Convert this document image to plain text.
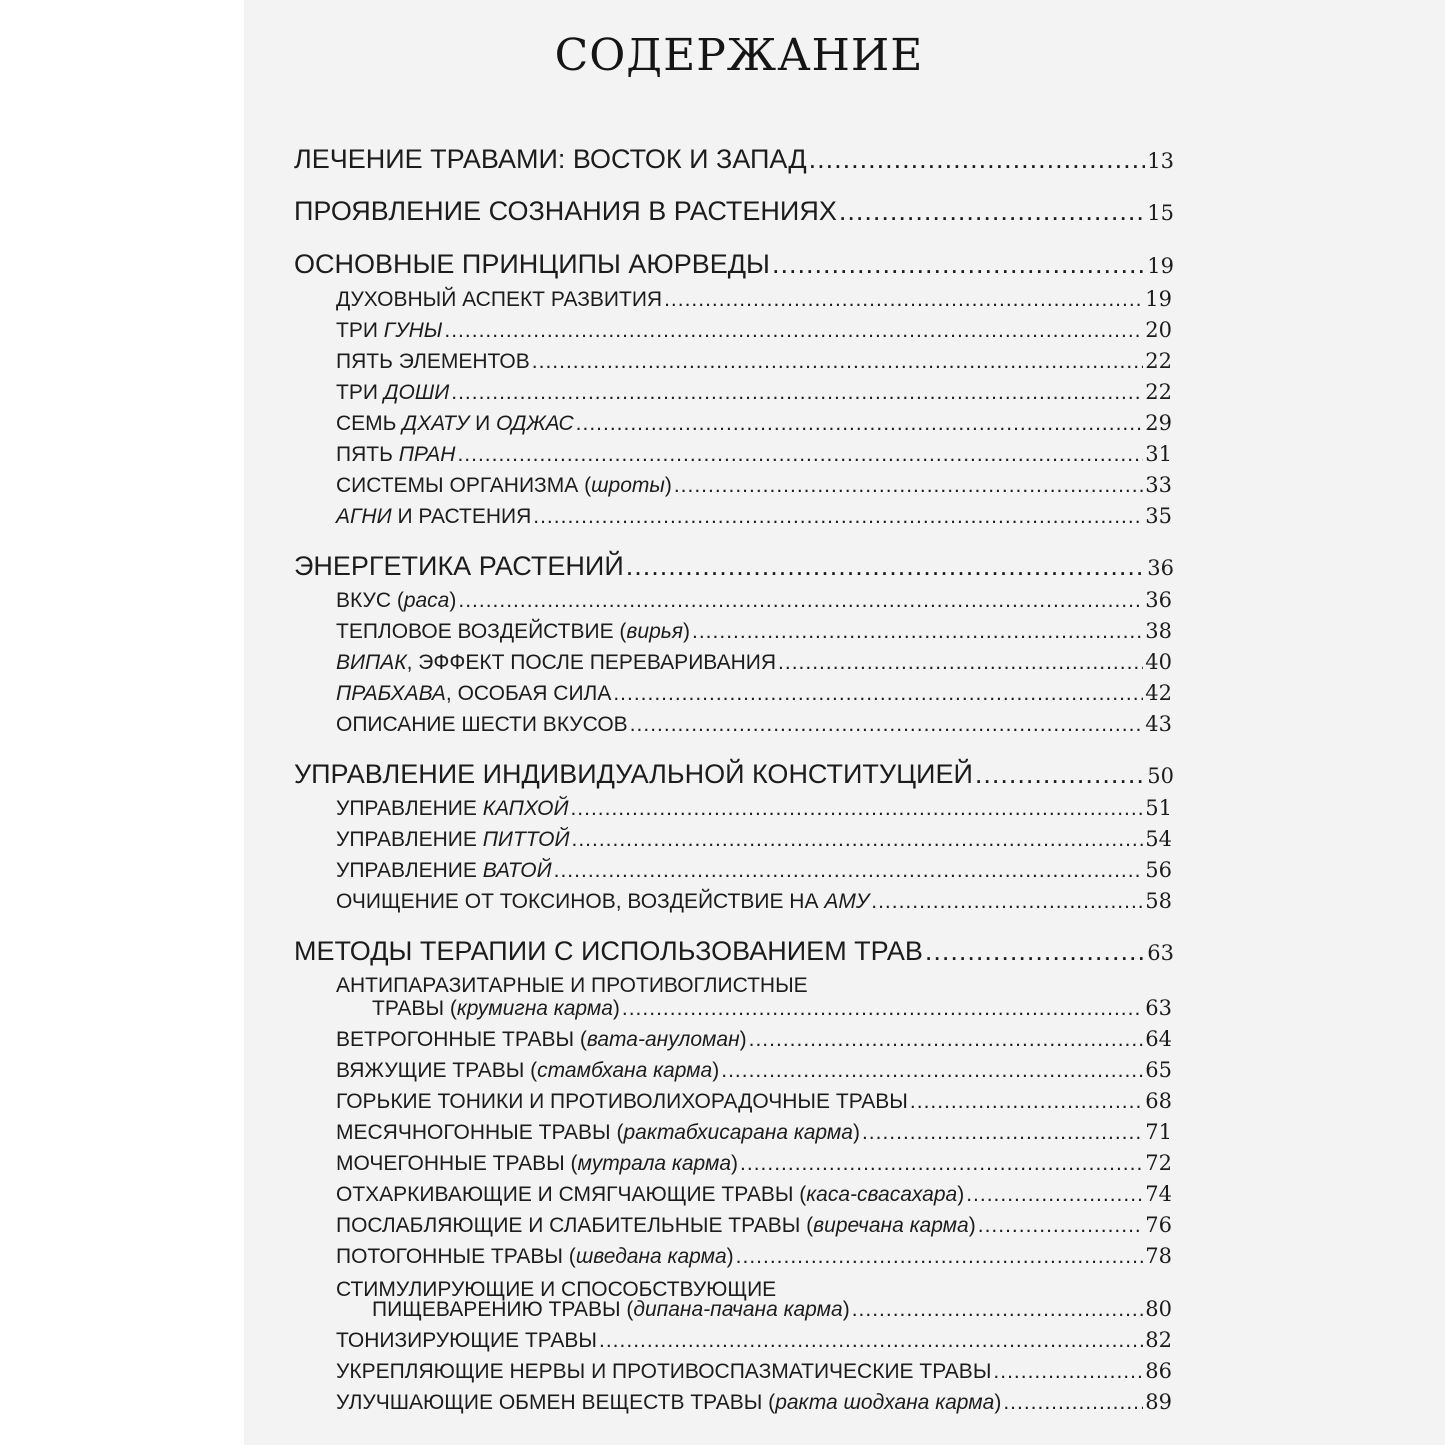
СОДЕРЖАНИЕ
ЛЕЧЕНИЕ ТРАВАМИ: ВОСТОК И ЗАПАД .....	13
ПРОЯВЛЕНИЕ СОЗНАНИЯ В РАСТЕНИЯХ .....	15
ОСНОВНЫЕ ПРИНЦИПЫ АЮРВЕДЫ .....	19
ДУХОВНЫЙ АСПЕКТ РАЗВИТИЯ .....	19
ТРИ ГУНЫ .....	20
ПЯТЬ ЭЛЕМЕНТОВ .....	22
ТРИ ДОШИ .....	22
СЕМЬ ДХАТУ И ОДЖАС .....	29
ПЯТЬ ПРАН .....	31
СИСТЕМЫ ОРГАНИЗМА (шроты) .....	33
АГНИ И РАСТЕНИЯ .....	35
ЭНЕРГЕТИКА РАСТЕНИЙ .....	36
ВКУС (раса) .....	36
ТЕПЛОВОЕ ВОЗДЕЙСТВИЕ (вирья) .....	38
ВИПАК, ЭФФЕКТ ПОСЛЕ ПЕРЕВАРИВАНИЯ .....	40
ПРАБХАВА, ОСОБАЯ СИЛА .....	42
ОПИСАНИЕ ШЕСТИ ВКУСОВ .....	43
УПРАВЛЕНИЕ ИНДИВИДУАЛЬНОЙ КОНСТИТУЦИЕЙ .....	50
УПРАВЛЕНИЕ КАПХОЙ .....	51
УПРАВЛЕНИЕ ПИТТОЙ .....	54
УПРАВЛЕНИЕ ВАТОЙ .....	56
ОЧИЩЕНИЕ ОТ ТОКСИНОВ, ВОЗДЕЙСТВИЕ НА АМУ .....	58
МЕТОДЫ ТЕРАПИИ С ИСПОЛЬЗОВАНИЕМ ТРАВ .....	63
АНТИПАРАЗИТАРНЫЕ И ПРОТИВОГЛИСТНЫЕ
ТРАВЫ (крумигна карма) .....	63
ВЕТРОГОННЫЕ ТРАВЫ (вата-ануломан) .....	64
ВЯЖУЩИЕ ТРАВЫ (стамбхана карма) .....	65
ГОРЬКИЕ ТОНИКИ И ПРОТИВОЛИХОРАДОЧНЫЕ ТРАВЫ .....	68
МЕСЯЧНОГОННЫЕ ТРАВЫ (рактабхисарана карма) .....	71
МОЧЕГОННЫЕ ТРАВЫ (мутрала карма) .....	72
ОТХАРКИВАЮЩИЕ И СМЯГЧАЮЩИЕ ТРАВЫ (каса-свасахара) .....	74
ПОСЛАБЛЯЮЩИЕ И СЛАБИТЕЛЬНЫЕ ТРАВЫ (виречана карма) .....	76
ПОТОГОННЫЕ ТРАВЫ (шведана карма) .....	78
СТИМУЛИРУЮЩИЕ И СПОСОБСТВУЮЩИЕ
ПИЩЕВАРЕНИЮ ТРАВЫ (дипана-пачана карма) .....	80
ТОНИЗИРУЮЩИЕ ТРАВЫ .....	82
УКРЕПЛЯЮЩИЕ НЕРВЫ И ПРОТИВОСПАЗМАТИЧЕСКИЕ ТРАВЫ .....	86
УЛУЧШАЮЩИЕ ОБМЕН ВЕЩЕСТВ ТРАВЫ (ракта шодхана карма) .....	89
